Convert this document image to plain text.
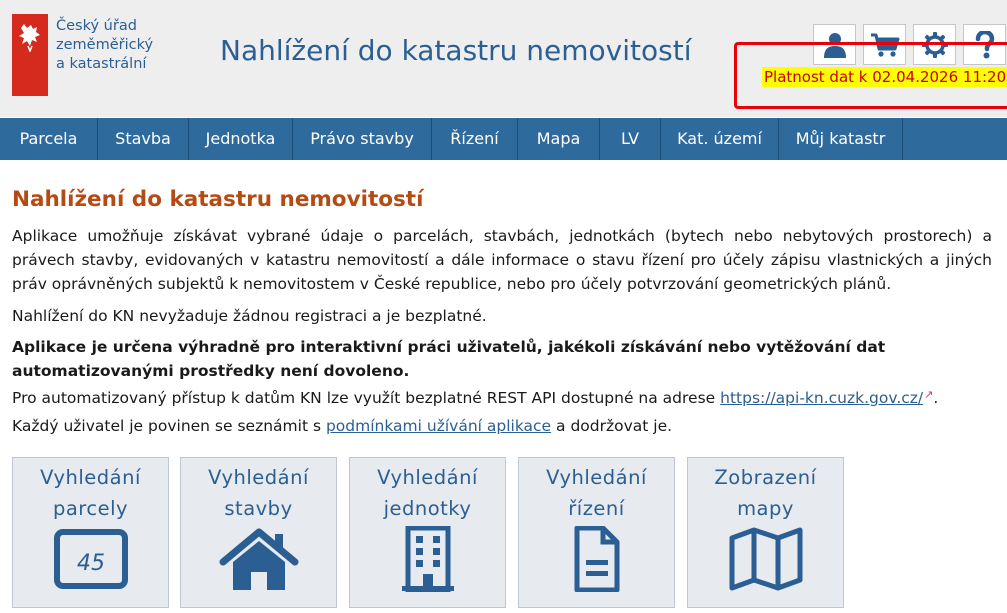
Český úřad
zeměměřický
a katastrální	Nahlížení do katastru nemovitostí
Platnost dat k 02.04.2026 11:20
Parcela	Stavba	Jednotka	Právo stavby	Řízení	Mapa	LV	Kat. území	Můj katastr
Nahlížení do katastru nemovitostí

Aplikace umožňuje získávat vybrané údaje o parcelách, stavbách, jednotkách (bytech nebo nebytových prostorech) a právech stavby, evidovaných v katastru nemovitostí a dále informace o stavu řízení pro účely zápisu vlastnických a jiných práv oprávněných subjektů k nemovitostem v České republice, nebo pro účely potvrzování geometrických plánů.

Nahlížení do KN nevyžaduje žádnou registraci a je bezplatné.

Aplikace je určena výhradně pro interaktivní práci uživatelů, jakékoli získávání nebo vytěžování dat automatizovanými prostředky není dovoleno.

Pro automatizovaný přístup k datům KN lze využít bezplatné REST API dostupné na adrese https://api-kn.cuzk.gov.cz/↗.

Každý uživatel je povinen se seznámit s podmínkami užívání aplikace a dodržovat je.

Vyhledání
parcely
45
Vyhledání
stavby
Vyhledání
jednotky
Vyhledání
řízení
Zobrazení
mapy
